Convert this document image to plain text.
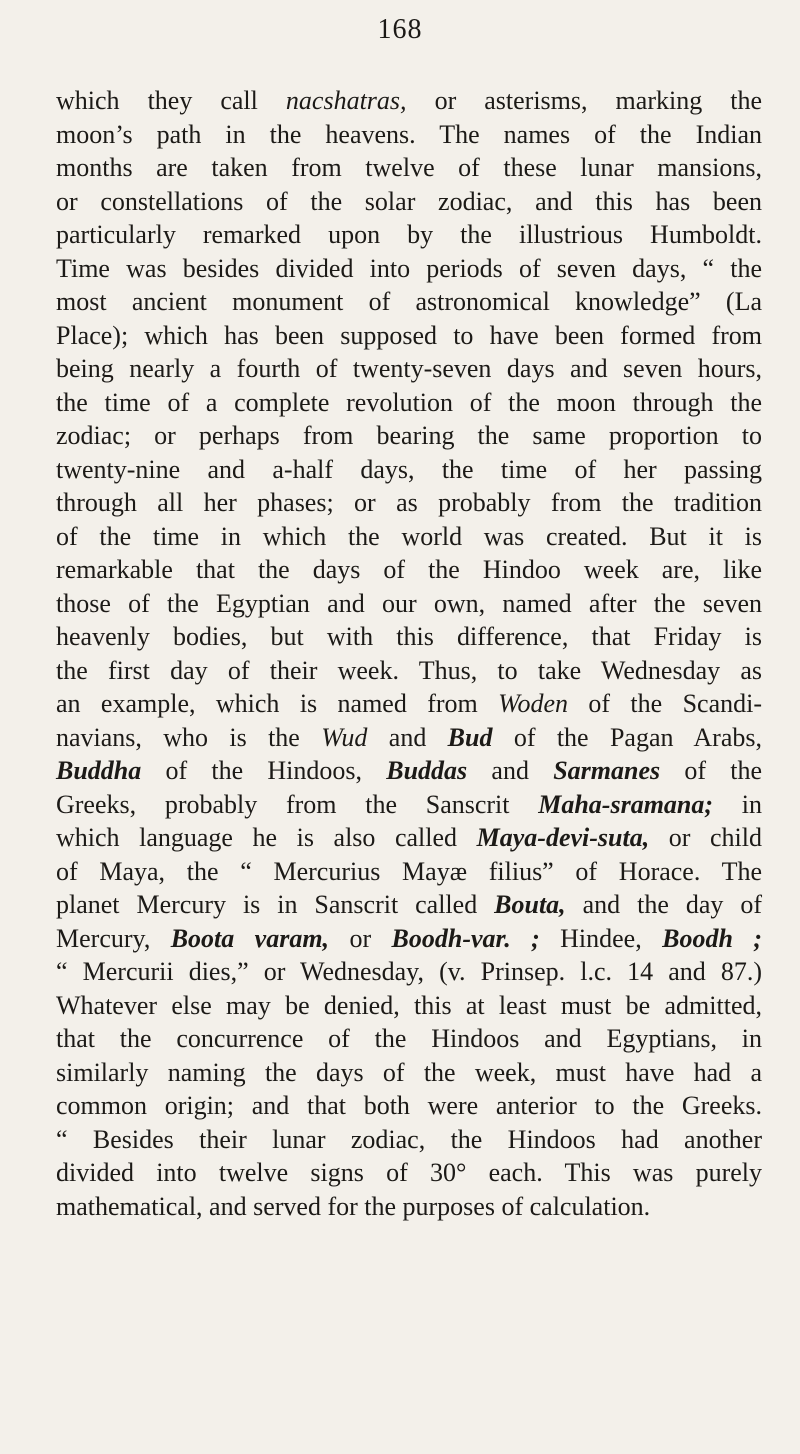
168
which they call nacshatras, or asterisms, marking the
moon’s path in the heavens. The names of the Indian
months are taken from twelve of these lunar mansions,
or constellations of the solar zodiac, and this has been
particularly remarked upon by the illustrious Humboldt.
Time was besides divided into periods of seven days, “ the
most ancient monument of astronomical knowledge” (La
Place); which has been supposed to have been formed from
being nearly a fourth of twenty-seven days and seven hours,
the time of a complete revolution of the moon through the
zodiac; or perhaps from bearing the same proportion to
twenty-nine and a-half days, the time of her passing
through all her phases; or as probably from the tradition
of the time in which the world was created. But it is
remarkable that the days of the Hindoo week are, like
those of the Egyptian and our own, named after the seven
heavenly bodies, but with this difference, that Friday is
the first day of their week. Thus, to take Wednesday as
an example, which is named from Woden of the Scandi-
navians, who is the Wud and Bud of the Pagan Arabs,
Buddha of the Hindoos, Buddas and Sarmanes of the
Greeks, probably from the Sanscrit Maha-sramana; in
which language he is also called Maya-devi-suta, or child
of Maya, the “ Mercurius Mayæ filius” of Horace. The
planet Mercury is in Sanscrit called Bouta, and the day of
Mercury, Boota varam, or Boodh-var. ; Hindee, Boodh ;
“ Mercurii dies,” or Wednesday, (v. Prinsep. l.c. 14 and 87.)
Whatever else may be denied, this at least must be admitted,
that the concurrence of the Hindoos and Egyptians, in
similarly naming the days of the week, must have had a
common origin; and that both were anterior to the Greeks.
“ Besides their lunar zodiac, the Hindoos had another
divided into twelve signs of 30° each. This was purely
mathematical, and served for the purposes of calculation.
